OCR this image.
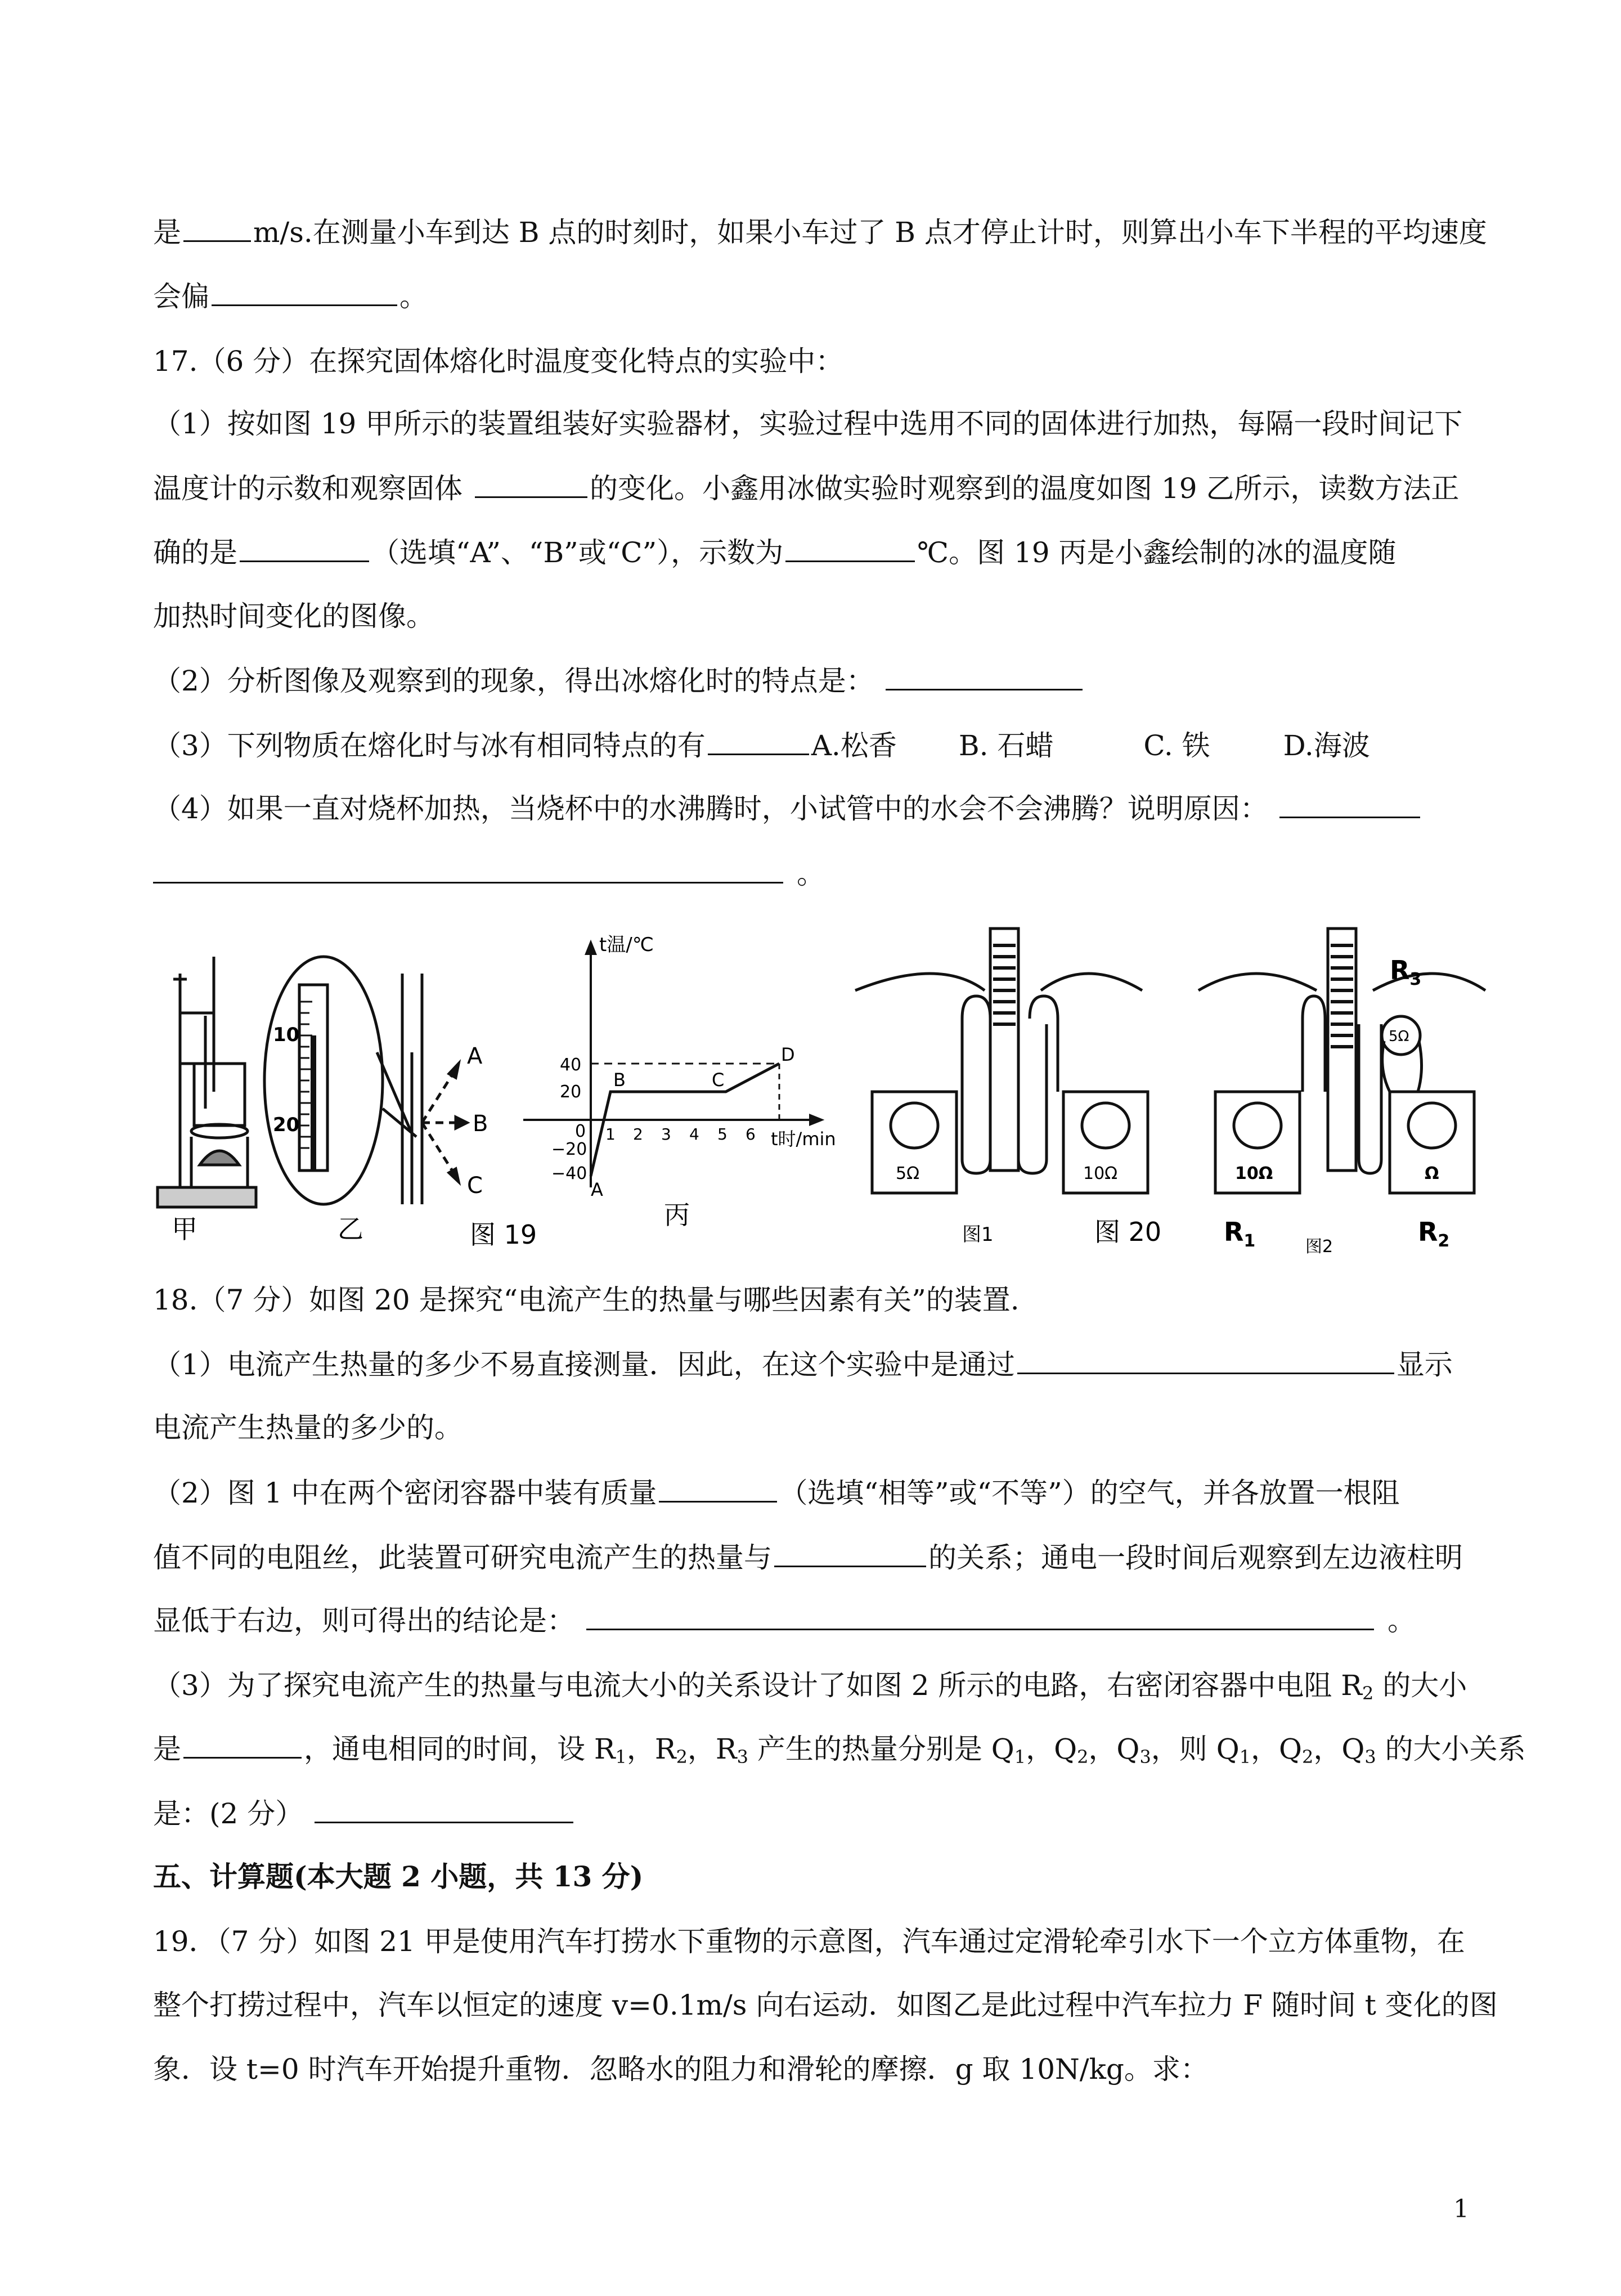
是	m/s.在测量小车到达 B 点的时刻时，如果小车过了 B 点才停止计时，则算出小车下半程的平均速度
会偏	。
17.（6 分）在探究固体熔化时温度变化特点的实验中：
（1）按如图 19 甲所示的装置组装好实验器材，实验过程中选用不同的固体进行加热，每隔一段时间记下
温度计的示数和观察固体	的变化。小鑫用冰做实验时观察到的温度如图 19 乙所示，读数方法正
确的是	（选填“A”、“B”或“C”），示数为	℃。图 19 丙是小鑫绘制的冰的温度随
加热时间变化的图像。
（2）分析图像及观察到的现象，得出冰熔化时的特点是：
（3）下列物质在熔化时与冰有相同特点的有	A.松香 B. 石蜡	C. 铁	D.海波
（4）如果一直对烧杯加热，当烧杯中的水沸腾时，小试管中的水会不会沸腾？说明原因：
。
甲
10
20
A
B
C
乙	图 19
t温/℃
t时/min
40
20
0
−20
−40
1 2 3 4 5 6
A
B	C
D
丙
5Ω	10Ω
图1	图 20
$R_3$
5Ω
10Ω	Ω
$R_1$	$R_2$
图2
18.（7 分）如图 20 是探究“电流产生的热量与哪些因素有关”的装置.
（1）电流产生热量的多少不易直接测量．因此，在这个实验中是通过	显示
电流产生热量的多少的。
（2）图 1 中在两个密闭容器中装有质量	（选填“相等”或“不等”）的空气，并各放置一根阻
值不同的电阻丝，此装置可研究电流产生的热量与	的关系；通电一段时间后观察到左边液柱明
显低于右边，则可得出的结论是：	。
（3）为了探究电流产生的热量与电流大小的关系设计了如图 2 所示的电路，右密闭容器中电阻 $R_2$ 的大小
是	，通电相同的时间，设 $R_1$，$R_2$，$R_3$ 产生的热量分别是 $Q_1$，$Q_2$，$Q_3$，则 $Q_1$，$Q_2$，$Q_3$ 的大小关系
是：(2 分）
五、计算题(本大题 2 小题，共 13 分)
19．（7 分）如图 21 甲是使用汽车打捞水下重物的示意图，汽车通过定滑轮牵引水下一个立方体重物，在
整个打捞过程中，汽车以恒定的速度 v=0.1m/s 向右运动．如图乙是此过程中汽车拉力 F 随时间 t 变化的图
象．设 t=0 时汽车开始提升重物．忽略水的阻力和滑轮的摩擦．g 取 10N/kg。求：
1
